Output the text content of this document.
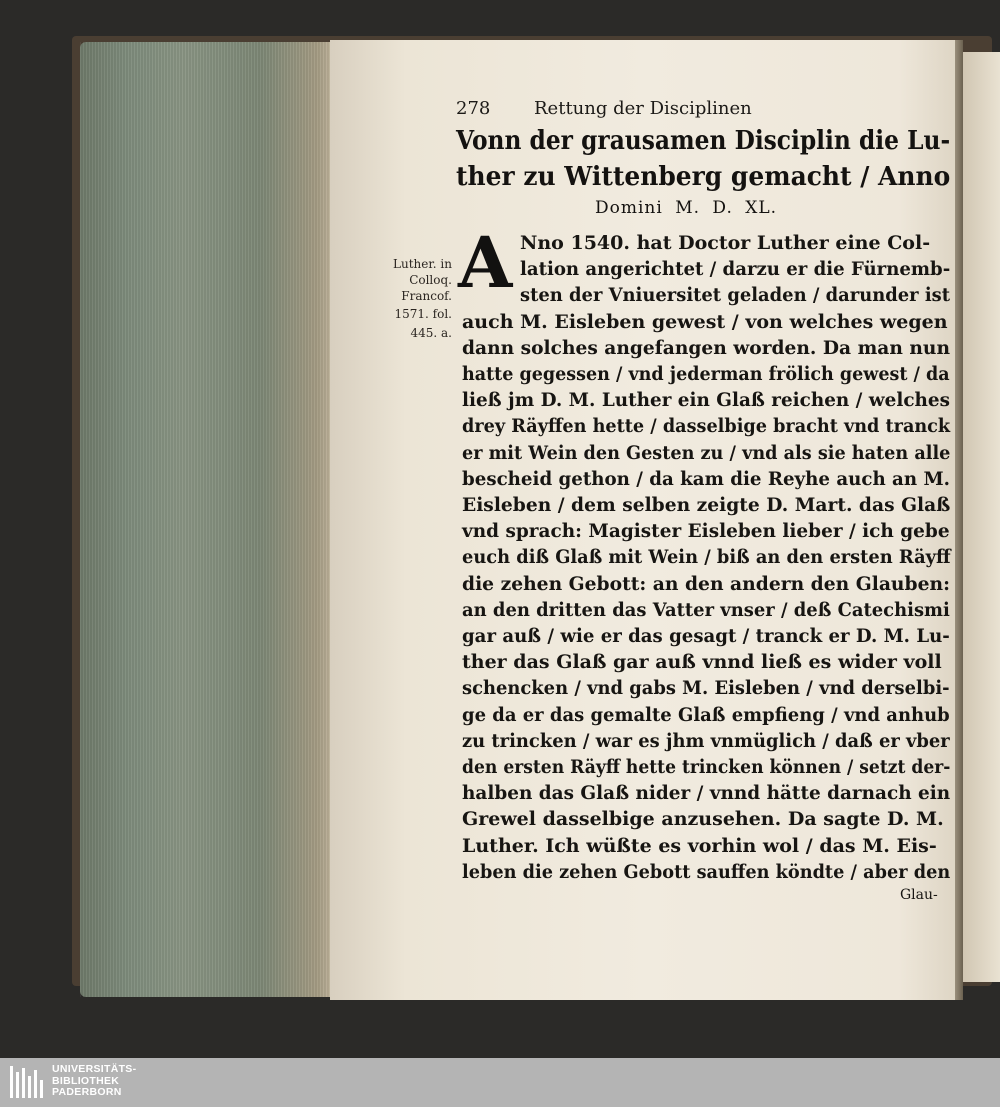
278 Rettung der Disciplinen
Vonn der grausamen Disciplin die Lu-
ther zu Wittenberg gemacht / Anno
Domini M. D. XL.
Luther. in
Colloq.
Francof.
1571. fol.
445. a.
A Nno 1540. hat Doctor Luther eine Col-
lation angerichtet / darzu er die Fürnemb-
sten der Vniuersitet geladen / darunder ist
auch M. Eisleben gewest / von welches wegen
dann solches angefangen worden. Da man nun
hatte gegessen / vnd jederman frölich gewest / da
ließ jm D. M. Luther ein Glaß reichen / welches
drey Räyffen hette / dasselbige bracht vnd tranck
er mit Wein den Gesten zu / vnd als sie haten alle
bescheid gethon / da kam die Reyhe auch an M.
Eisleben / dem selben zeigte D. Mart. das Glaß
vnd sprach: Magister Eisleben lieber / ich gebe
euch diß Glaß mit Wein / biß an den ersten Räyff
die zehen Gebott: an den andern den Glauben:
an den dritten das Vatter vnser / deß Catechismi
gar auß / wie er das gesagt / tranck er D. M. Lu-
ther das Glaß gar auß vnnd ließ es wider voll
schencken / vnd gabs M. Eisleben / vnd derselbi-
ge da er das gemalte Glaß empfieng / vnd anhub
zu trincken / war es jhm vnmüglich / daß er vber
den ersten Räyff hette trincken können / setzt der-
halben das Glaß nider / vnnd hätte darnach ein
Grewel dasselbige anzusehen. Da sagte D. M.
Luther. Ich wüßte es vorhin wol / das M. Eis-
leben die zehen Gebott sauffen köndte / aber den
Glau-
UNIVERSITÄTS-
BIBLIOTHEK
PADERBORN
